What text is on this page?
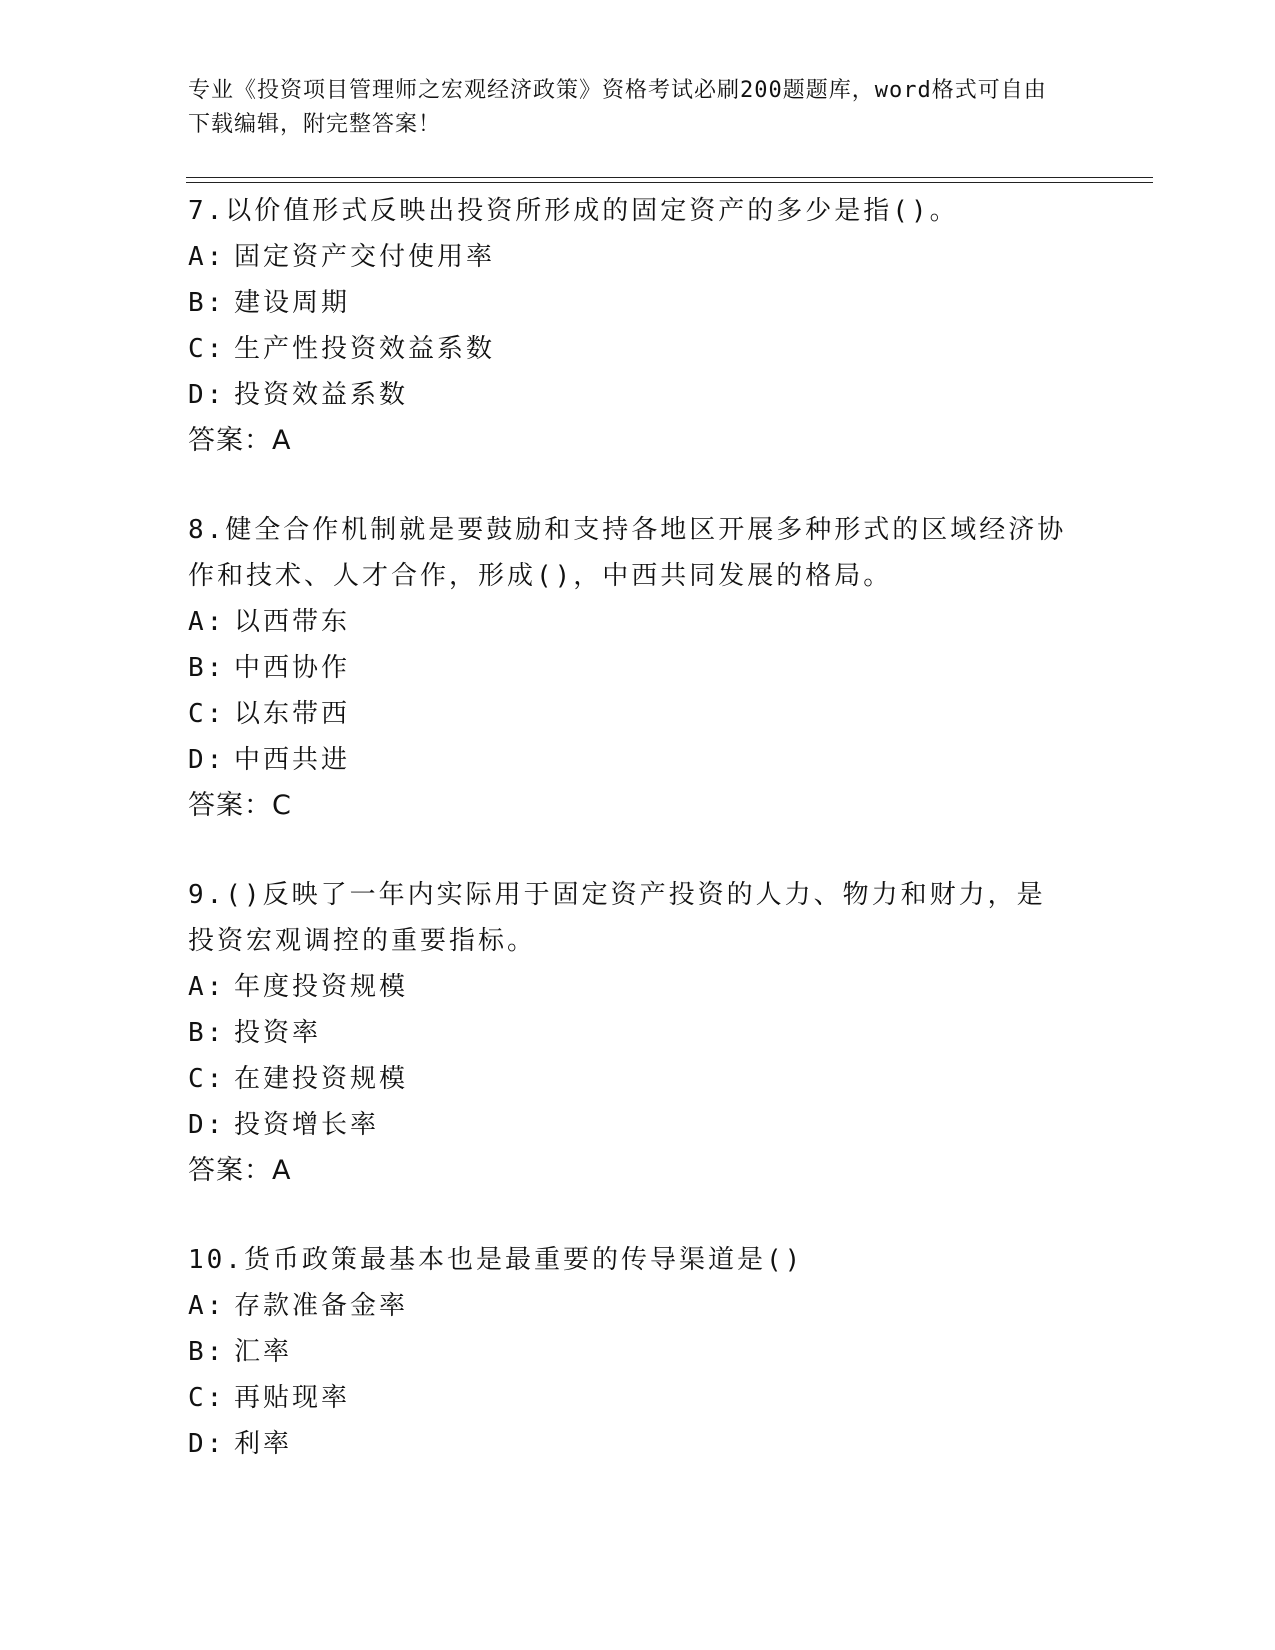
专业《投资项目管理师之宏观经济政策》资格考试必刷200题题库，word格式可自由下载编辑，附完整答案！

7.以价值形式反映出投资所形成的固定资产的多少是指()。

A: 固定资产交付使用率

B: 建设周期

C: 生产性投资效益系数

D: 投资效益系数

答案：A

8.健全合作机制就是要鼓励和支持各地区开展多种形式的区域经济协作和技术、人才合作，形成()，中西共同发展的格局。

A: 以西带东

B: 中西协作

C: 以东带西

D: 中西共进

答案：C

9.()反映了一年内实际用于固定资产投资的人力、物力和财力，是投资宏观调控的重要指标。

A: 年度投资规模

B: 投资率

C: 在建投资规模

D: 投资增长率

答案：A

10.货币政策最基本也是最重要的传导渠道是()

A: 存款准备金率

B: 汇率

C: 再贴现率

D: 利率
